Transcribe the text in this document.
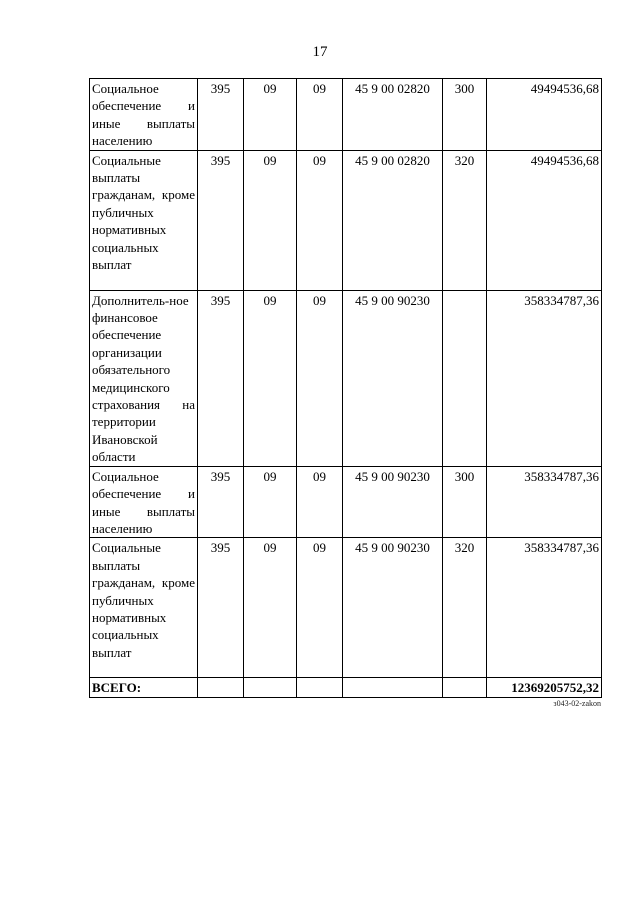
17
Социальное обеспечение и иные выплаты населению	395	09	09	45 9 00 02820	300	49494536,68
Социальные выплаты гражданам, кроме публичных нормативных социальных выплат	395	09	09	45 9 00 02820	320	49494536,68
Дополнитель-ное финансовое обеспечение организации обязательного медицинского страхования на территории Ивановской области	395	09	09	45 9 00 90230		358334787,36
Социальное обеспечение и иные выплаты населению	395	09	09	45 9 00 90230	300	358334787,36
Социальные выплаты гражданам, кроме публичных нормативных социальных выплат	395	09	09	45 9 00 90230	320	358334787,36
ВСЕГО:						12369205752,32
з043-02-zakon
